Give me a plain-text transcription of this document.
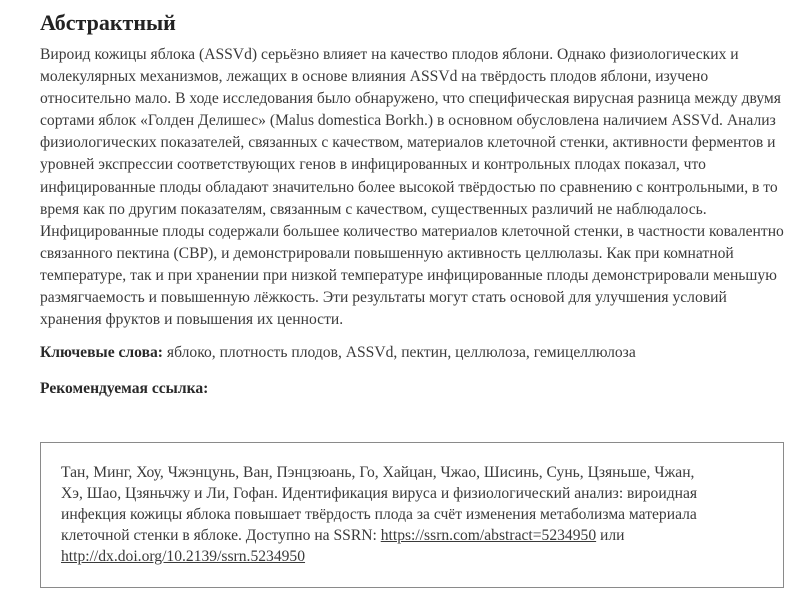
Абстрактный

Вироид кожицы яблока (ASSVd) серьёзно влияет на качество плодов яблони. Однако физиологических и молекулярных механизмов, лежащих в основе влияния ASSVd на твёрдость плодов яблони, изучено относительно мало. В ходе исследования было обнаружено, что специфическая вирусная разница между двумя сортами яблок «Голден Делишес» (Malus domestica Borkh.) в основном обусловлена наличием ASSVd. Анализ физиологических показателей, связанных с качеством, материалов клеточной стенки, активности ферментов и уровней экспрессии соответствующих генов в инфицированных и контрольных плодах показал, что инфицированные плоды обладают значительно более высокой твёрдостью по сравнению с контрольными, в то время как по другим показателям, связанным с качеством, существенных различий не наблюдалось. Инфицированные плоды содержали большее количество материалов клеточной стенки, в частности ковалентно связанного пектина (CBP), и демонстрировали повышенную активность целлюлазы. Как при комнатной температуре, так и при хранении при низкой температуре инфицированные плоды демонстрировали меньшую размягчаемость и повышенную лёжкость. Эти результаты могут стать основой для улучшения условий хранения фруктов и повышения их ценности.

Ключевые слова: яблоко, плотность плодов, ASSVd, пектин, целлюлоза, гемицеллюлоза

Рекомендуемая ссылка:

Тан, Минг, Хоу, Чжэнцунь, Ван, Пэнцзюань, Го, Хайцан, Чжао, Шисинь, Сунь, Цзяньше, Чжан, Хэ, Шао, Цзяньчжу и Ли, Гофан. Идентификация вируса и физиологический анализ: вироидная инфекция кожицы яблока повышает твёрдость плода за счёт изменения метаболизма материала клеточной стенки в яблоке. Доступно на SSRN: https://ssrn.com/abstract=5234950 или http://dx.doi.org/10.2139/ssrn.5234950
